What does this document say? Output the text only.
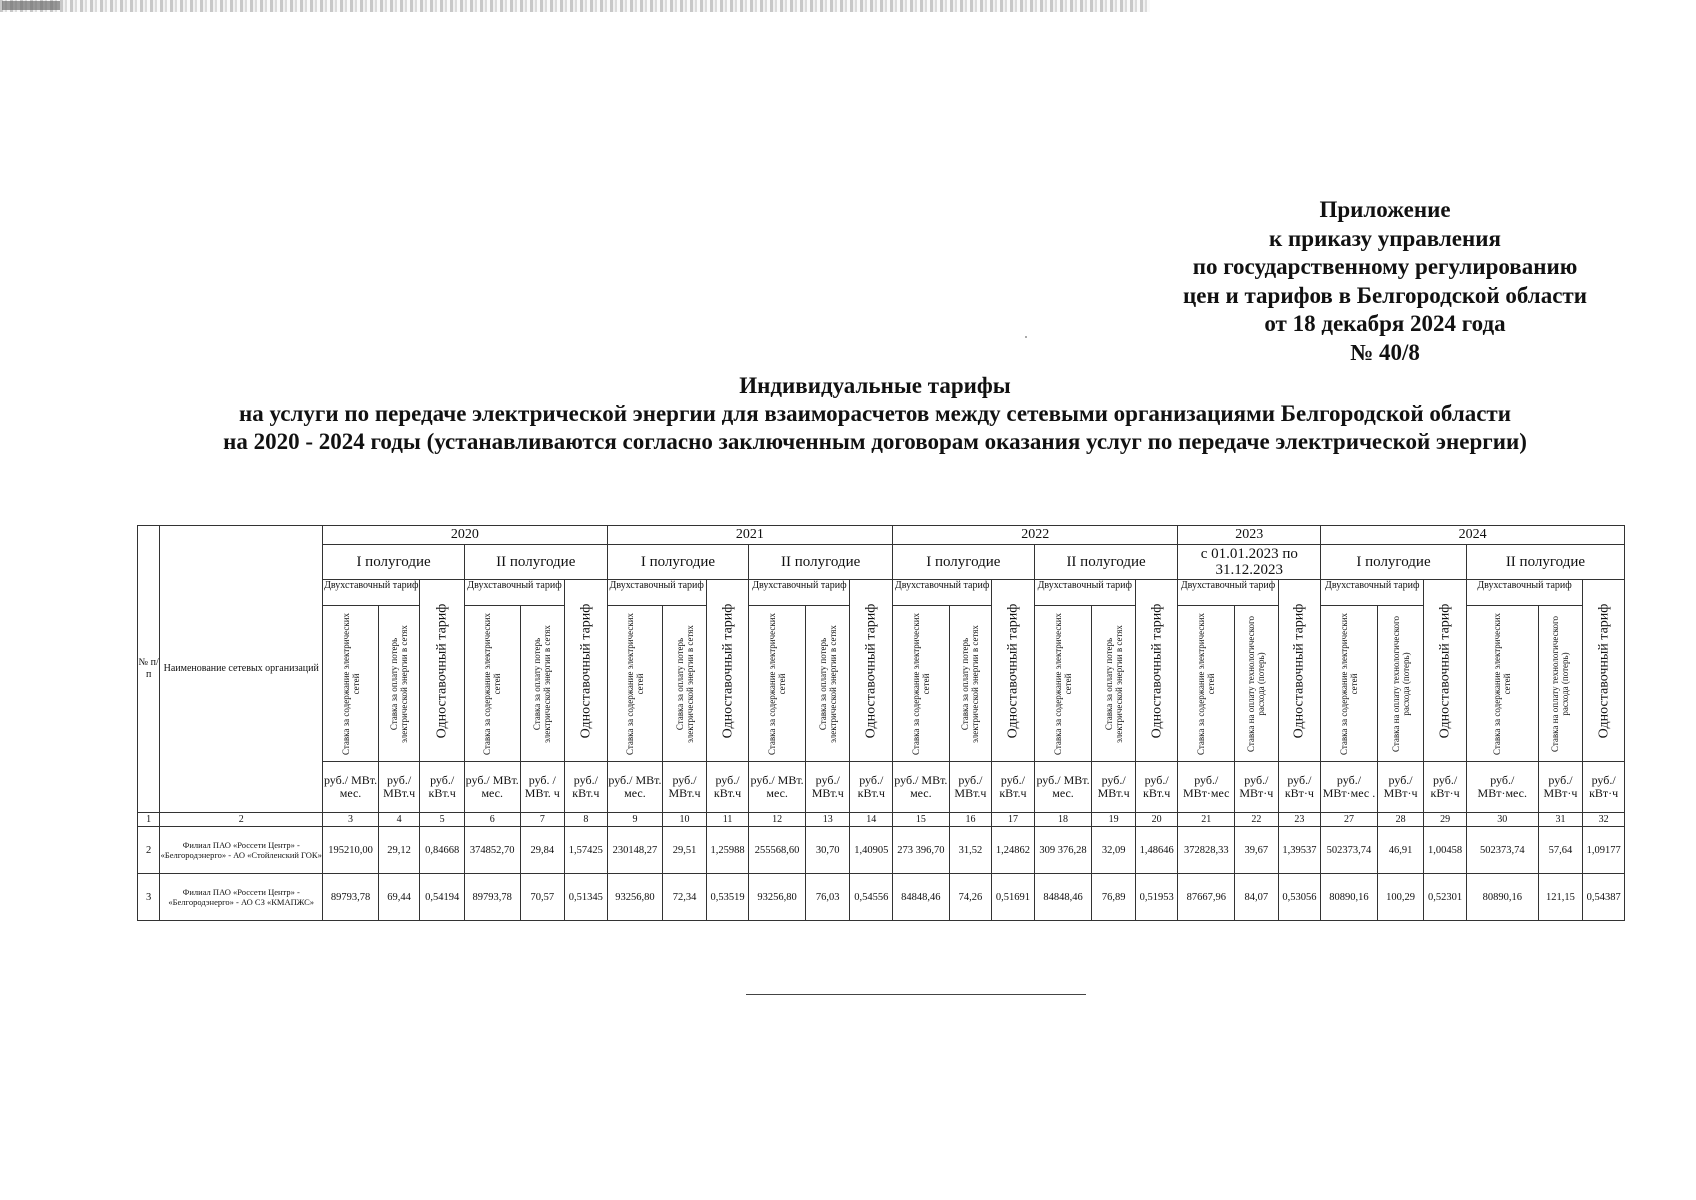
Приложение
к приказу управления
по государственному регулированию
цен и тарифов в Белгородской области
от 18 декабря 2024 года
№ 40/8
Индивидуальные тарифы
на услуги по передаче электрической энергии для взаиморасчетов между сетевыми организациями Белгородской области
на 2020 - 2024 годы (устанавливаются согласно заключенным договорам оказания услуг по передаче электрической энергии)
№ п/п	Наименование сетевых организаций	2020						2021						2022						2023			2024					
		I полугодие			II полугодие			I полугодие			II полугодие			I полугодие			II полугодие			с 01.01.2023 по 31.12.2023			I полугодие			II полугодие		
		Двухставочный тариф		Одноставочный тариф	Двухставочный тариф		Одноставочный тариф	Двухставочный тариф		Одноставочный тариф	Двухставочный тариф		Одноставочный тариф	Двухставочный тариф		Одноставочный тариф	Двухставочный тариф		Одноставочный тариф	Двухставочный тариф		Одноставочный тариф	Двухставочный тариф		Одноставочный тариф	Двухставочный тариф		Одноставочный тариф

		Ставка за содержание электрических сетей	Ставка за оплату потерь электрической энергии в сетях		Ставка за содержание электрических сетей	Ставка за оплату потерь электрической энергии в сетях		Ставка за содержание электрических сетей	Ставка за оплату потерь электрической энергии в сетях		Ставка за содержание электрических сетей	Ставка за оплату потерь электрической энергии в сетях		Ставка за содержание электрических сетей	Ставка за оплату потерь электрической энергии в сетях		Ставка за содержание электрических сетей	Ставка за оплату потерь электрической энергии в сетях		Ставка за содержание электрических сетей	Ставка на оплату технологического расхода (потерь)		Ставка за содержание электрических сетей	Ставка на оплату технологического расхода (потерь)		Ставка за содержание электрических сетей	Ставка на оплату технологического расхода (потерь)	

		руб./ МВт. мес.	руб./ МВт.ч	руб./ кВт.ч	руб./ МВт. мес.	руб. /МВт. ч	руб./ кВт.ч	руб./ МВт. мес.	руб./ МВт.ч	руб./ кВт.ч	руб./ МВт. мес.	руб./ МВт.ч	руб./ кВт.ч	руб./ МВт. мес.	руб./ МВт.ч	руб./ кВт.ч	руб./ МВт. мес.	руб./ МВт.ч	руб./ кВт.ч	руб./ МВт·мес	руб./ МВт·ч	руб./ кВт·ч	руб./ МВт·мес .	руб./ МВт·ч	руб./ кВт·ч	руб./ МВт·мес.	руб./ МВт·ч	руб./ кВт·ч
1	2	3	4	5	6	7	8	9	10	11	12	13	14	15	16	17	18	19	20	21	22	23	27	28	29	30	31	32
2	Филиал ПАО «Россети Центр» - «Белгородэнерго» - АО «Стойленский ГОК»	195210,00	29,12	0,84668	374852,70	29,84	1,57425	230148,27	29,51	1,25988	255568,60	30,70	1,40905	273 396,70	31,52	1,24862	309 376,28	32,09	1,48646	372828,33	39,67	1,39537	502373,74	46,91	1,00458	502373,74	57,64	1,09177
3	Филиал ПАО «Россети Центр» - «Белгородэнерго» - АО СЗ «КМАПЖС»	89793,78	69,44	0,54194	89793,78	70,57	0,51345	93256,80	72,34	0,53519	93256,80	76,03	0,54556	84848,46	74,26	0,51691	84848,46	76,89	0,51953	87667,96	84,07	0,53056	80890,16	100,29	0,52301	80890,16	121,15	0,54387
